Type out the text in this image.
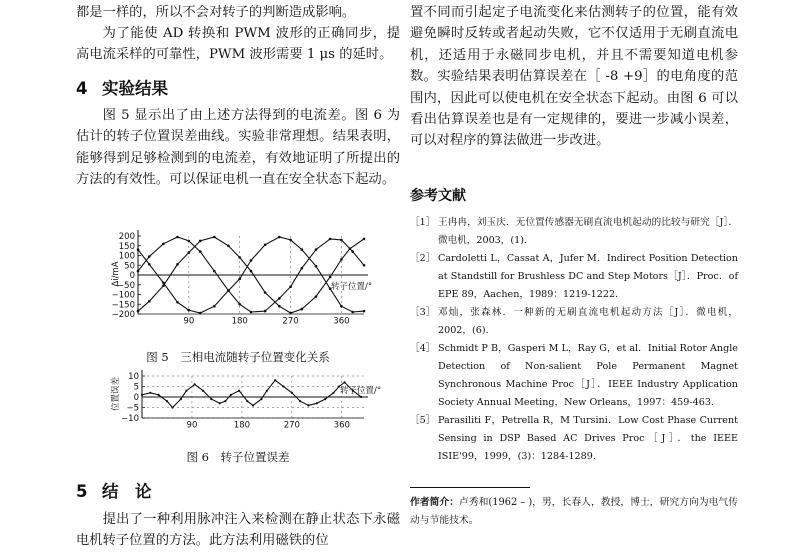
都是一样的，所以不会对转子的判断造成影响。

为了能使 AD 转换和 PWM 波形的正确同步，提高电流采样的可靠性，PWM 波形需要 1 μs 的延时。

4 实验结果

图 5 显示出了由上述方法得到的电流差。图 6 为估计的转子位置误差曲线。实验非常理想。结果表明，能够得到足够检测到的电流差，有效地证明了所提出的方法的有效性。可以保证电机一直在安全状态下起动。

200
150
100
50
0
−50
−100
−150
−200
90	180	270	360
Δi/mA
转子位置/°

图 5　三相电流随转子位置变化关系

10
5
0
−5
−10
90	180	270	360
位置误差	转子位置/°

图 6　转子位置误差

5 结　论

提出了一种利用脉冲注入来检测在静止状态下永磁电机转子位置的方法。此方法利用磁铁的位

置不同而引起定子电流变化来估测转子的位置，能有效避免瞬时反转或者起动失败，它不仅适用于无刷直流电机，还适用于永磁同步电机，并且不需要知道电机参数。实验结果表明估算误差在［ -8 +9］的电角度的范围内，因此可以使电机在安全状态下起动。由图 6 可以看出估算误差也是有一定规律的，要进一步减小误差，可以对程序的算法做进一步改进。

参考文献

［1］ 王冉冉，刘玉庆．无位置传感器无刷直流电机起动的比较与研究［J］．微电机，2003，(1)．
［2］ Cardoletti L，Cassat A，Jufer M．Indirect Position Detection at Standstill for Brushless DC and Step Motors［J］．Proc．of EPE 89，Aachen，1989：1219-1222.
［3］ 邓灿，张森林．一种新的无刷直流电机起动方法［J］．微电机，2002，(6)．
［4］ Schmidt P B，Gasperi M L，Ray G，et al．Initial Rotor Angle Detection of Non-salient Pole Permanent Magnet Synchronous Machine Proc［J］．IEEE Industry Application Society Annual Meeting，New Orleans，1997：459-463.
［5］ Parasiliti F，Petrella R，M Tursini．Low Cost Phase Current Sensing in DSP Based AC Drives Proc［J］．the IEEE ISIE'99，1999，(3)：1284-1289.

作者简介：卢秀和(1962 – )，男，长春人，教授，博士，研究方向为电气传动与节能技术。
